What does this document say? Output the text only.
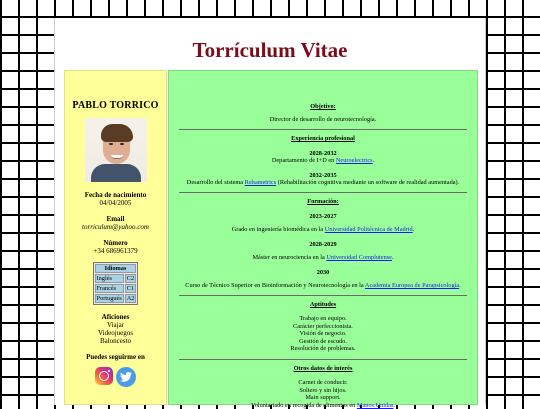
Torrículum Vitae
PABLO TORRICO
Fecha de nacimiento
04/04/2005
Email
torriculum@yahoo.com
Número
+34 686961379
Idiomas	
Inglés	C2
Francés	C1
Portugués	A2
Aficiones
Viajar
Videojuegos
Baloncesto
Puedes seguirme en
Objetivo:
Director de desarrollo de neurotecnología.
Experiencia profesional
2028-2032
Departamento de I+D en Neuroelectrics.
2032-2035
Desarrollo del sistema Rehametrics (Rehabilitación cognitiva mediante un software de realidad aumentada).
Formación:
2023-2027
Grado en ingeniería biomédica en la Universidad Politécnica de Madrid.
2028-2029
Máster en neurociencia en la Universidad Complutense.
2030
Curso de Técnico Superior en Bioinformación y Neurotecnología en la Academia Europea de Parapsicología.
Aptitudes
Trabajo en equipo.
Carácter perfeccionista.
Visión de negocio.
Gestión de escudo.
Resolución de problemas.
Otros datos de interés
Carnet de conducir.
Soltero y sin hijos.
Main support.
Voluntariado en recogida de alimentos en Manos Unidas.
